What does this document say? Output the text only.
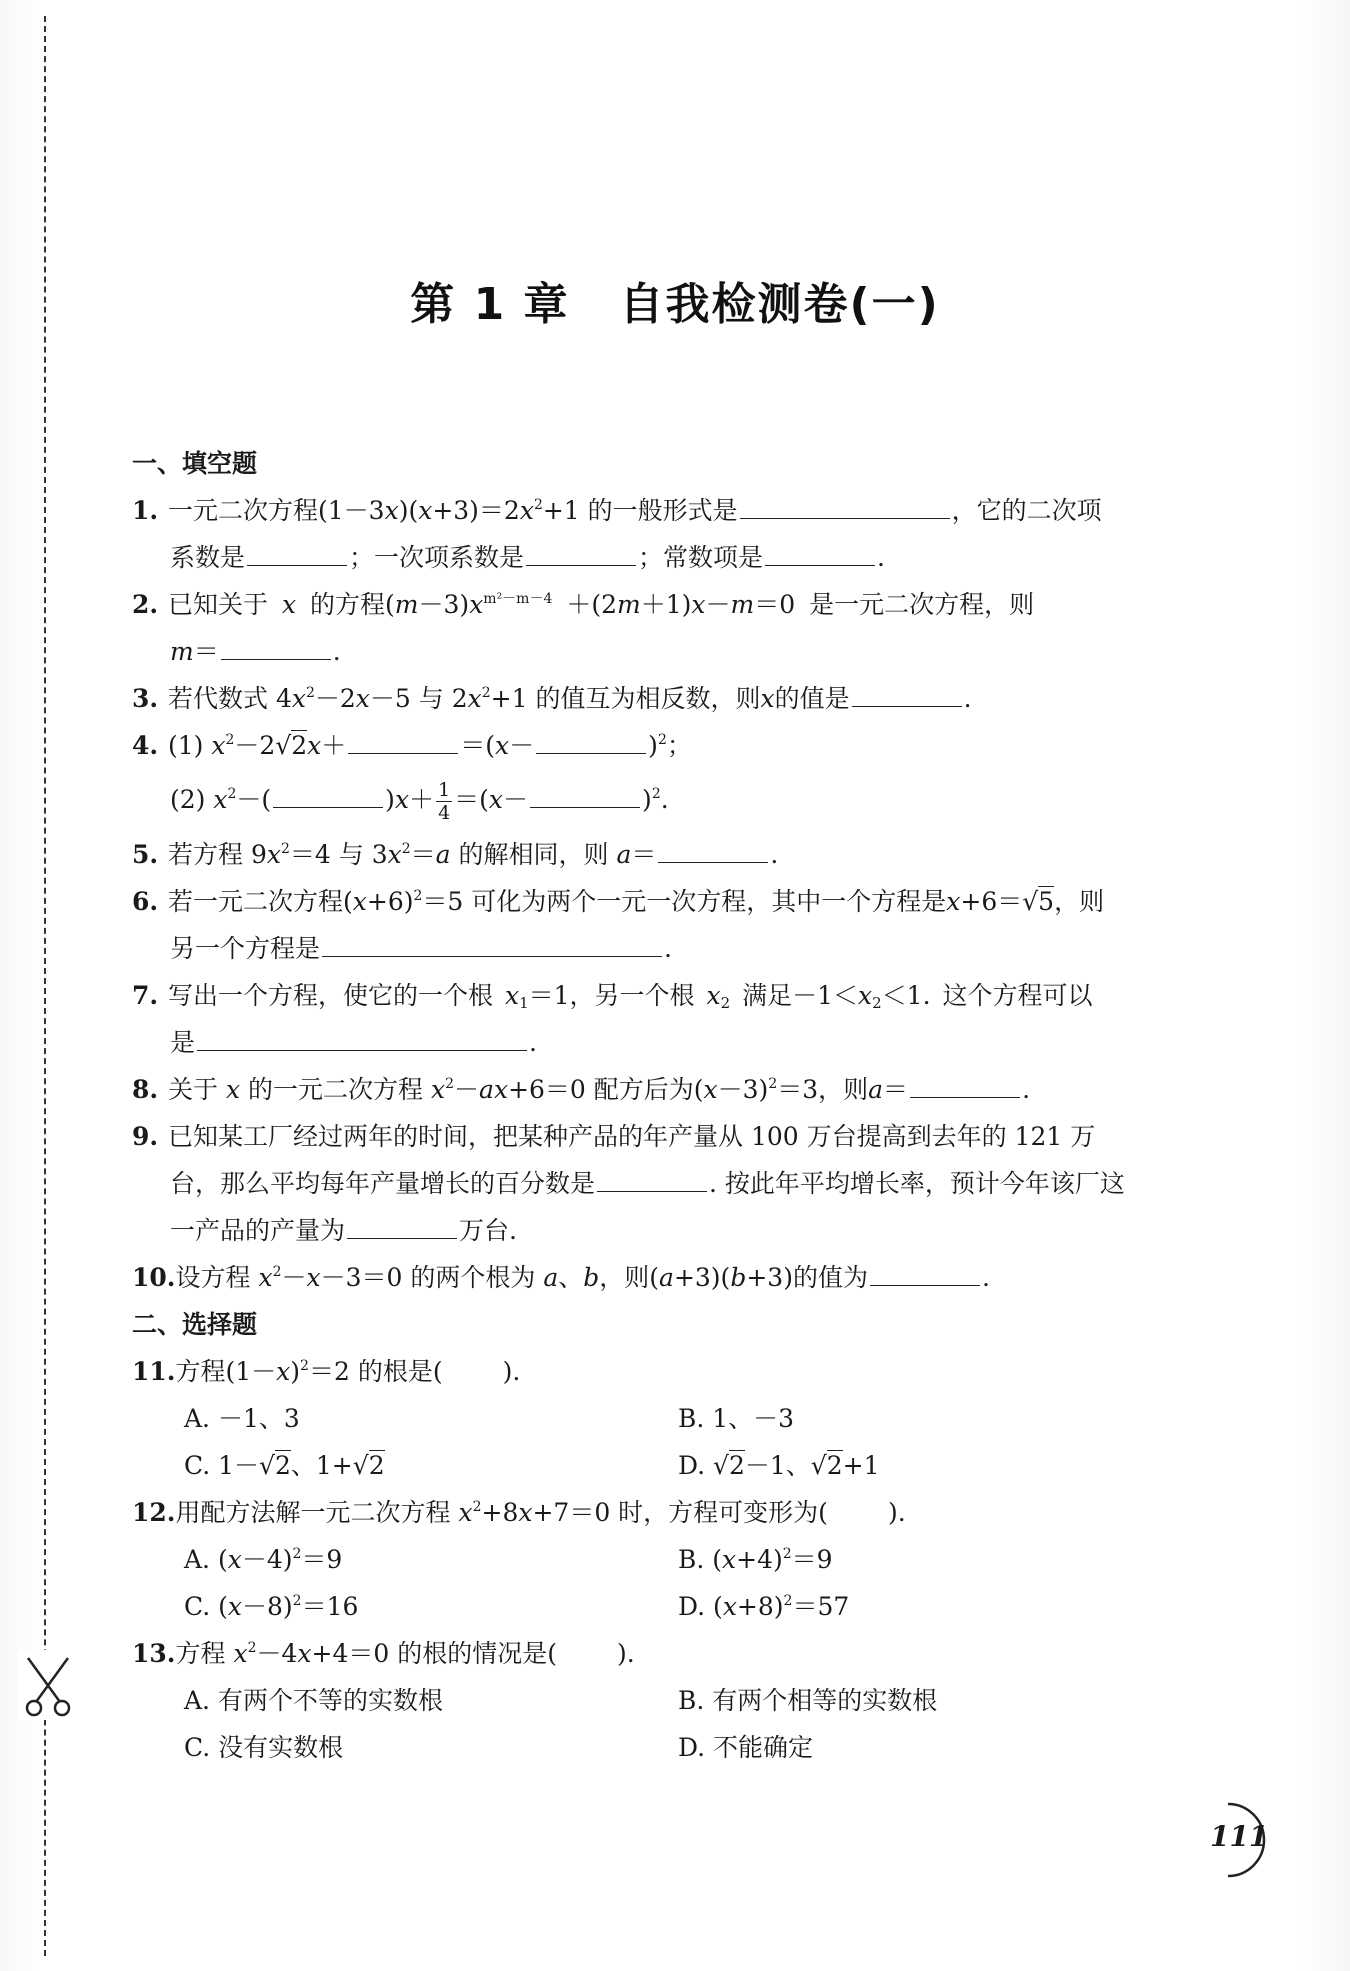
第 1 章 自我检测卷(一)
一、填空题
1. 一元二次方程$(1-3x)(x+3)=2x^2+1$ 的一般形式是	，它的二次项
系数是	；一次项系数是	；常数项是	.
2. 已知关于 x 的方程$(m-3)x^{m^2-m-4} +(2m+1)x-m=0$ 是一元二次方程，则
m＝	.
3. 若代数式 $4x^2-2x-5$ 与 $2x^2+1$ 的值互为相反数，则x的值是	.
4. (1) $x^2-2√2x+$	＝(x－	)$^2$；
(2) $x^2-$(	)$x+ \frac{1}{4} =(x-$	)$^2$.
5. 若方程 $9x^2=4$ 与 $3x^2=a$ 的解相同，则 a＝	.
6. 若一元二次方程$(x+6)^2=5$ 可化为两个一元一次方程，其中一个方程是x+6＝√5，则
另一个方程是	.
7. 写出一个方程，使它的一个根 $x_1=1$，另一个根 $x_2$ 满足$-1<x_2<1$. 这个方程可以
是	.
8. 关于 x 的一元二次方程 $x^2-ax+6=0$ 配方后为$(x-3)^2=3$，则a＝	.
9. 已知某工厂经过两年的时间，把某种产品的年产量从 100 万台提高到去年的 121 万
台，那么平均每年产量增长的百分数是	. 按此年平均增长率，预计今年该厂这
一产品的产量为	万台.
10.设方程 $x^2-x-3=0$ 的两个根为 a、b，则(a+3)(b+3)的值为	.
二、选择题
11.方程$(1-x)^2=2$ 的根是( ).
A. －1、3	B. 1、－3
C. 1－√2、1+√2	D. √2－1、√2+1
12.用配方法解一元二次方程 $x^2+8x+7=0$ 时，方程可变形为( ).
A. $(x-4)^2=9$	B. $(x+4)^2=9$
C. $(x-8)^2=16$	D. $(x+8)^2=57$
13.方程 $x^2-4x+4=0$ 的根的情况是( ).
A. 有两个不等的实数根	B. 有两个相等的实数根
C. 没有实数根	D. 不能确定
111
